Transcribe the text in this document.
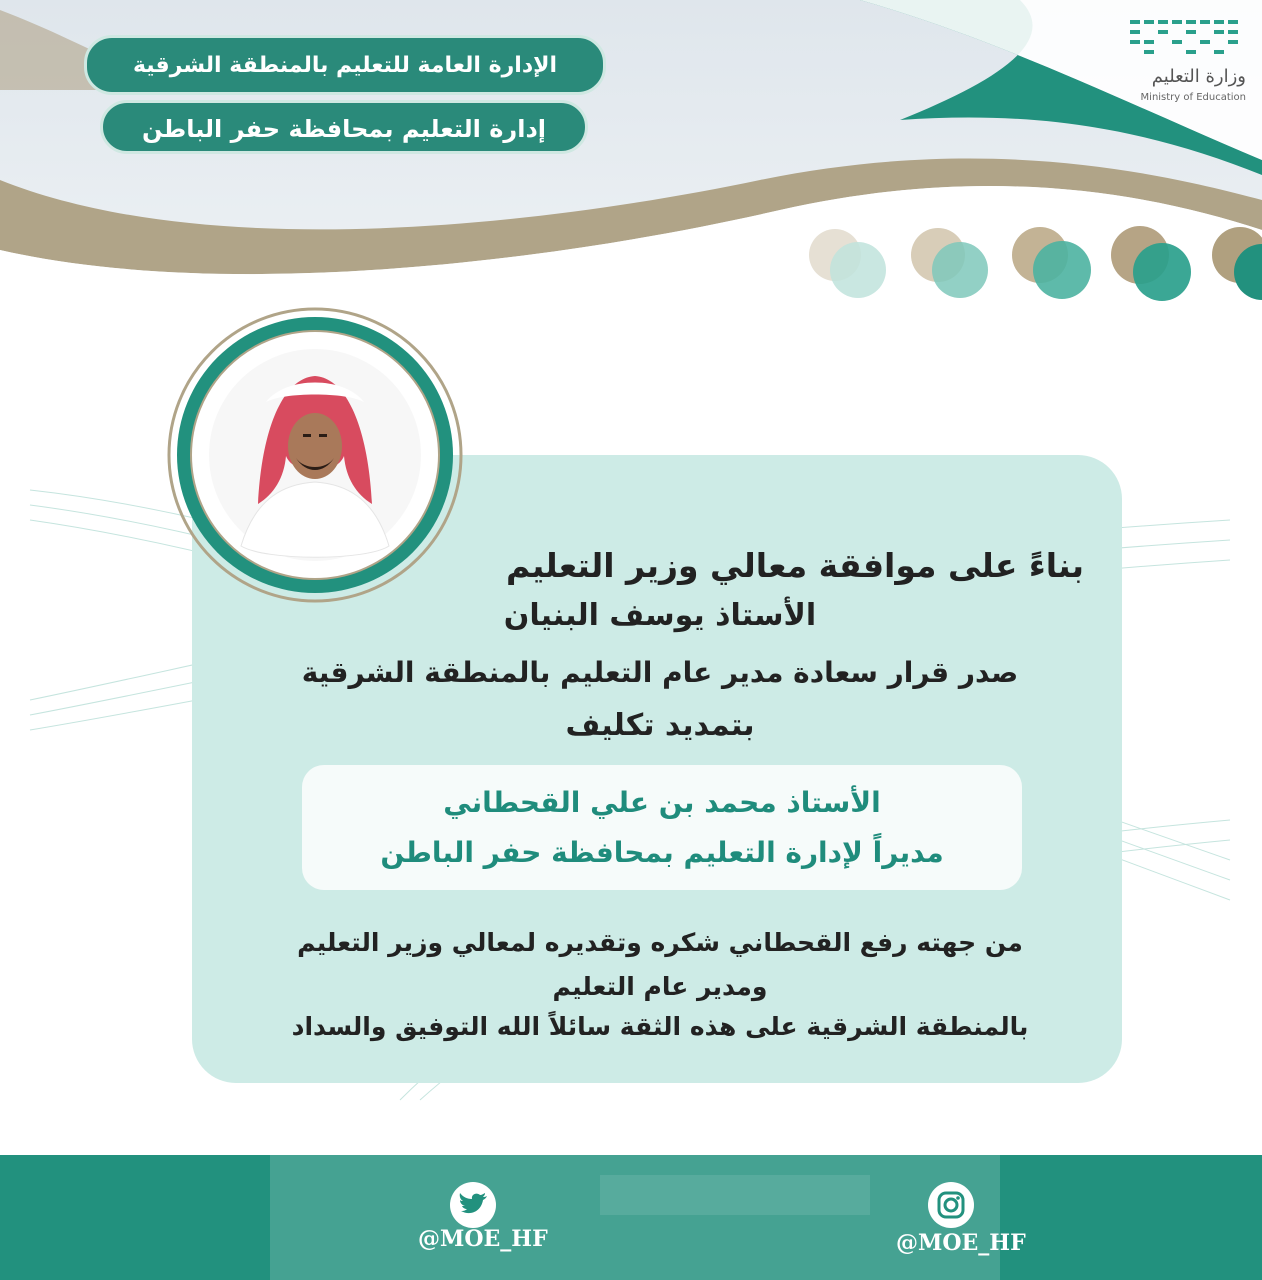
الإدارة العامة للتعليم بالمنطقة الشرقية
إدارة التعليم بمحافظة حفر الباطن
وزارة التعليم
Ministry of Education
بناءً على موافقة معالي وزير التعليم
الأستاذ يوسف البنيان
صدر قرار سعادة مدير عام التعليم بالمنطقة الشرقية
بتمديد تكليف
الأستاذ محمد بن علي القحطاني
مديراً لإدارة التعليم بمحافظة حفر الباطن
من جهته رفع القحطاني شكره وتقديره لمعالي وزير التعليم
ومدير عام التعليم
بالمنطقة الشرقية على هذه الثقة سائلاً الله التوفيق والسداد
@MOE_HF	@MOE_HF
